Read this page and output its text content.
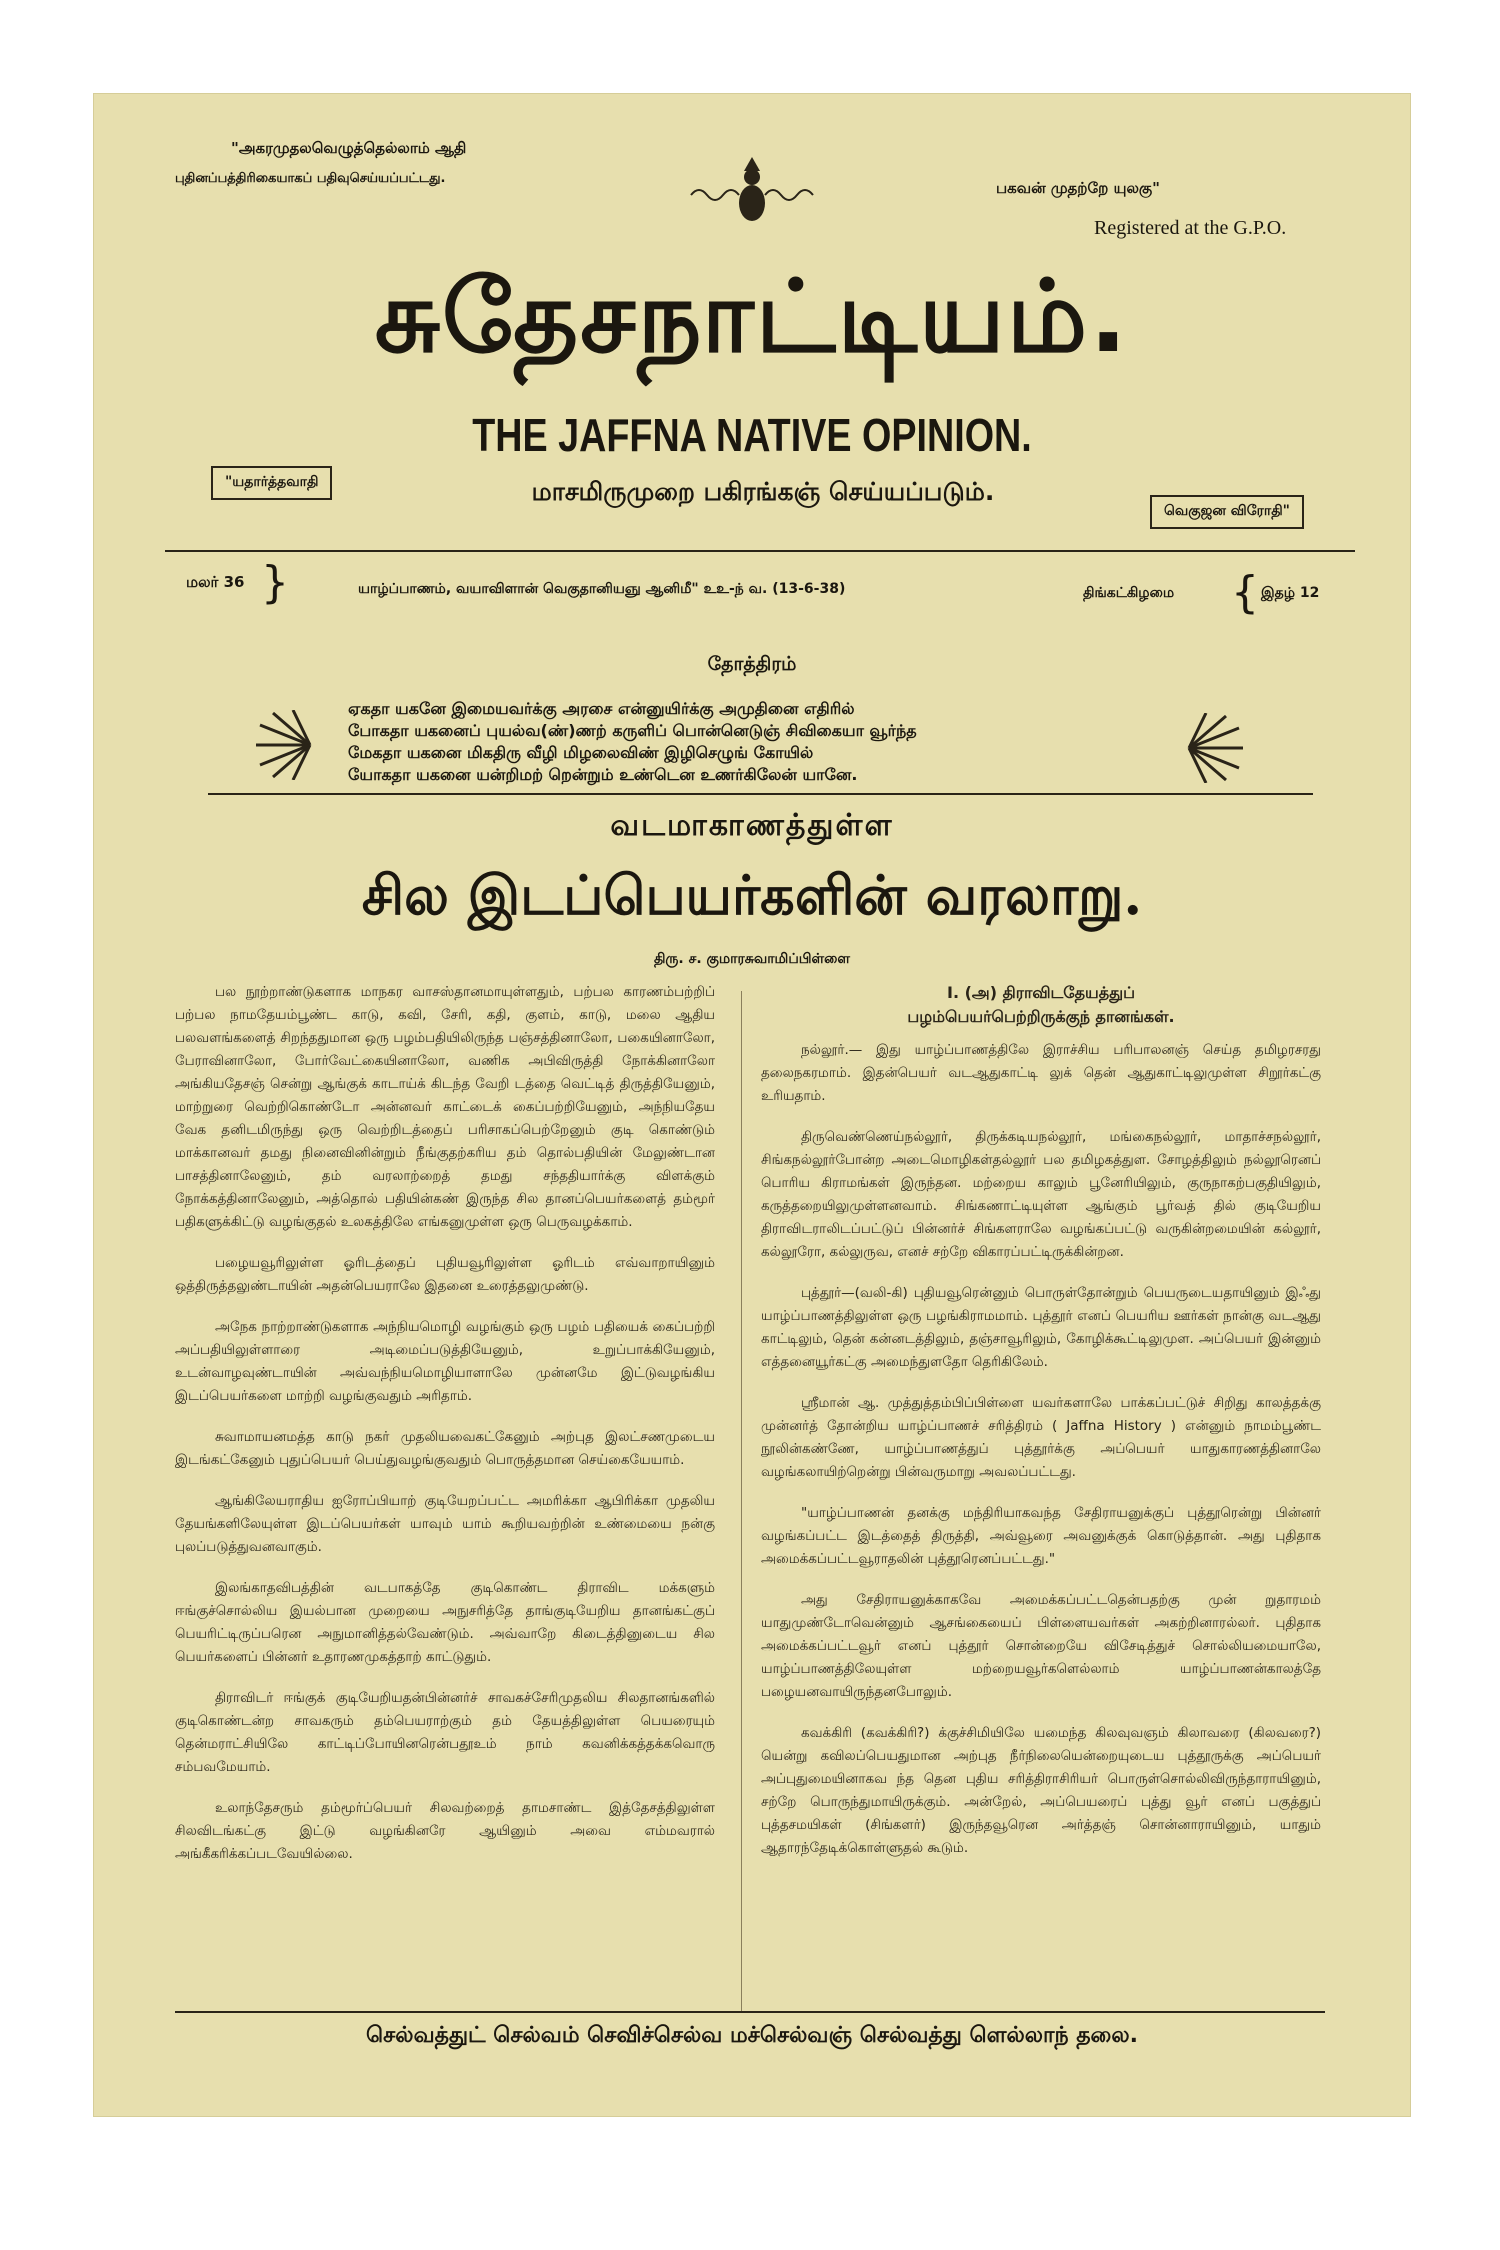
"அகரமுதலவெழுத்தெல்லாம் ஆதி
புதினப்பத்திரிகையாகப் பதிவுசெய்யப்பட்டது.
பகவன் முதற்றே யுலகு"
Registered at the G.P.O.
சுதேசநாட்டியம்.
THE JAFFNA NATIVE OPINION.
"யதார்த்தவாதி	மாசமிருமுறை பகிரங்கஞ் செய்யப்படும்.
வெகுஜன விரோதி"
மலர் 36 }	யாழ்ப்பாணம், வயாவிளான் வெகுதானியஞு ஆனிமீ" உஉ-ந் வ. (13-6-38)	திங்கட்கிழமை { இதழ் 12
தோத்திரம்
ஏகதா யகனே இமையவர்க்கு அரசை என்னுயிர்க்கு அமுதினை எதிரில்
போகதா யகனைப் புயல்வ(ண்)ணற் கருளிப் பொன்னெடுஞ் சிவிகையா வூர்ந்த
மேகதா யகனை மிகதிரு வீழி மிழலைவிண் இழிசெழுங் கோயில்
யோகதா யகனை யன்றிமற் றென்றும் உண்டென உணர்கிலேன் யானே.
வடமாகாணத்துள்ள
சில இடப்பெயர்களின் வரலாறு.
திரு. ச. குமாரசுவாமிப்பிள்ளை

பல நூற்றாண்டுகளாக மாநகர வாசஸ்தானமாயுள்ளதும், பற்பல காரணம்பற்றிப் பற்பல நாமதேயம்பூண்ட காடு, கவி, சேரி, கதி, குளம், காடு, மலை ஆதிய பலவளங்களைத் சிறந்ததுமான ஒரு பழம்பதியிலிருந்த பஞ்சத்தினாலோ, பகையினாலோ, பேராவினாலோ, போர்வேட்கையினாலோ, வணிக அபிவிருத்தி நோக்கினாலோ அங்கியதேசஞ் சென்று ஆங்குக் காடாய்க் கிடந்த வேறி டத்தை வெட்டித் திருத்தியேனும், மாற்றுரை வெற்றிகொண்டோ அன்னவர் காட்டைக் கைப்பற்றியேனும், அந்நியதேய வேக தனிடமிருந்து ஒரு வெற்றிடத்தைப் பரிசாகப்பெற்றேனும் குடி கொண்டும் மாக்கானவர் தமது நினைவினின்றும் நீங்குதற்கரிய தம் தொல்பதியின் மேலுண்டான பாசத்தினாலேனும், தம் வரலாற்றைத் தமது சந்ததியார்க்கு விளக்கும் நோக்கத்தினாலேனும், அத்தொல் பதியின்கண் இருந்த சில தானப்பெயர்களைத் தம்மூர் பதிகளுக்கிட்டு வழங்குதல் உலகத்திலே எங்கனுமுள்ள ஒரு பெருவழக்காம்.

பழையவூரிலுள்ள ஓரிடத்தைப் புதியவூரிலுள்ள ஓரிடம் எவ்வாறாயினும் ஒத்திருத்தலுண்டாயின் அதன்பெயராலே இதனை உரைத்தலுமுண்டு.

அநேக நாற்றாண்டுகளாக அந்நியமொழி வழங்கும் ஒரு பழம் பதியைக் கைப்பற்றி அப்பதியிலுள்ளாரை அடிமைப்படுத்தியேனும், உறுப்பாக்கியேனும், உடன்வாழவுண்டாயின் அவ்வந்நியமொழியாளாலே முன்னமே இட்டுவழங்கிய இடப்பெயர்களை மாற்றி வழங்குவதும் அரிதாம்.

சுவாமாயனமத்த காடு நகர் முதலியவைகட்கேனும் அற்புத இலட்சணமுடைய இடங்கட்கேனும் புதுப்பெயர் பெய்துவழங்குவதும் பொருத்தமான செய்கையேயாம்.

ஆங்கிலேயராதிய ஐரோப்பியாற் குடியேறப்பட்ட அமரிக்கா ஆபிரிக்கா முதலிய தேயங்களிலேயுள்ள இடப்பெயர்கள் யாவும் யாம் கூறியவற்றின் உண்மையை நன்கு புலப்படுத்துவனவாகும்.

இலங்காதவிபத்தின் வடபாகத்தே குடிகொண்ட திராவிட மக்களும் ஈங்குச்சொல்லிய இயல்பான முறையை அநுசரித்தே தாங்குடியேறிய தானங்கட்குப் பெயரிட்டிருப்பரென அநுமானித்தல்வேண்டும். அவ்வாறே கிடைத்தினுடைய சில பெயர்களைப் பின்னர் உதாரணமுகத்தாற் காட்டுதும்.

திராவிடர் ஈங்குக் குடியேறியதன்பின்னர்ச் சாவகச்சேரிமுதலிய சிலதானங்களில் குடிகொண்டன்ற சாவகரும் தம்பெயராற்கும் தம் தேயத்திலுள்ள பெயரையும் தென்மராட்சியிலே காட்டிப்போயினரென்பதூஉம் நாம் கவனிக்கத்தக்கவொரு சம்பவமேயாம்.

உலாந்தேசரும் தம்மூர்ப்பெயர் சிலவற்றைத் தாமசாண்ட இத்தேசத்திலுள்ள சிலவிடங்கட்கு இட்டு வழங்கினரே ஆயினும் அவை எம்மவரால் அங்கீகரிக்கப்படவேயில்லை.

I. (அ) திராவிடதேயத்துப்
பழம்பெயர்பெற்றிருக்குந் தானங்கள்.

நல்லூர்.— இது யாழ்ப்பாணத்திலே இராச்சிய பரிபாலனஞ் செய்த தமிழரசரது தலைநகரமாம். இதன்பெயர் வடஆதுகாட்டி லுக் தென் ஆதுகாட்டிலுமுள்ள சிறூர்கட்கு உரியதாம்.

திருவெண்ணெய்நல்லூர், திருக்கடியநல்லூர், மங்கைநல்லூர், மாதாச்சநல்லூர், சிங்கநல்லூர்போன்ற அடைமொழிகள்தல்லூர் பல தமிழகத்துள. சோழத்திலும் நல்லூரெனப் பொரிய கிராமங்கள் இருந்தன. மற்றைய காலும் பூனேரியிலும், குருநாகற்பகுதியிலும், கருத்தறையிலுமுள்ளனவாம். சிங்கணாட்டியுள்ள ஆங்கும் பூர்வத் தில் குடியேறிய திராவிடராலிடப்பட்டுப் பின்னர்ச் சிங்களராலே வழங்கப்பட்டு வருகின்றமையின் கல்லூர், கல்லூரோ, கல்லுருவ, எனச் சற்றே விகாரப்பட்டிருக்கின்றன.

புத்தூர்—(வலி-கி) புதியவூரென்னும் பொருள்தோன்றும் பெயருடையதாயினும் இஃது யாழ்ப்பாணத்திலுள்ள ஒரு பழங்கிராமமாம். புத்தூர் எனப் பெயரிய ஊர்கள் நான்கு வடஆது காட்டிலும், தென் கன்னடத்திலும், தஞ்சாவூரிலும், கோழிக்கூட்டிலுமுள. அப்பெயர் இன்னும் எத்தனையூர்கட்கு அமைந்துளதோ தெரிகிலேம்.

ஸ்ரீமான் ஆ. முத்துத்தம்பிப்பிள்ளை யவர்களாலே பாக்கப்பட்டுச் சிறிது காலத்தக்கு முன்னர்த் தோன்றிய யாழ்ப்பாணச் சரித்திரம் ( Jaffna History ) என்னும் நாமம்பூண்ட நூலின்கண்ணே, யாழ்ப்பாணத்துப் புத்தூர்க்கு அப்பெயர் யாதுகாரணத்தினாலே வழங்கலாயிற்றென்று பின்வருமாறு அவலப்பட்டது.

"யாழ்ப்பாணன் தனக்கு மந்திரியாகவந்த சேதிராயனுக்குப் புத்தூரென்று பின்னர் வழங்கப்பட்ட இடத்தைத் திருத்தி, அவ்வூரை அவனுக்குக் கொடுத்தான். அது புதிதாக அமைக்கப்பட்டவூராதலின் புத்தூரெனப்பட்டது."

அது சேதிராயனுக்காகவே அமைக்கப்பட்டதென்பதற்கு முன் றுதாரமம் யாதுமுண்டோவென்னும் ஆசங்கையைப் பிள்ளையவர்கள் அகற்றினாரல்லர். புதிதாக அமைக்கப்பட்டவூர் எனப் புத்தூர் சொன்றையே விசேடித்துச் சொல்லியமையாலே, யாழ்ப்பாணத்திலேயுள்ள மற்றையவூர்களெல்லாம் யாழ்ப்பாணன்காலத்தே பழையனவாயிருந்தனபோலும்.

கவக்கிரி (கவக்கிரி?) க்குச்சிமியிலே யமைந்த கிலவுவஞம் கிலாவரை (கிலவரை?) யென்று கவிலப்பெயதுமான அற்புத நீர்நிலையென்றையுடைய புத்தூருக்கு அப்பெயர் அப்புதுமையினாகவ ந்த தென புதிய சரித்திராசிரியர் பொருள்சொல்லிவிருந்தாராயினும், சற்றே பொருந்துமாயிருக்கும். அன்றேல், அப்பெயரைப் புத்து வூர் எனப் பகுத்துப் புத்தசமயிகள் (சிங்களர்) இருந்தவூரென அர்த்தஞ் சொன்னாராயினும், யாதும் ஆதாரந்தேடிக்கொள்ளுதல் கூடும்.

செல்வத்துட் செல்வம் செவிச்செல்வ மச்செல்வஞ் செல்வத்து ளெல்லாந் தலை.
